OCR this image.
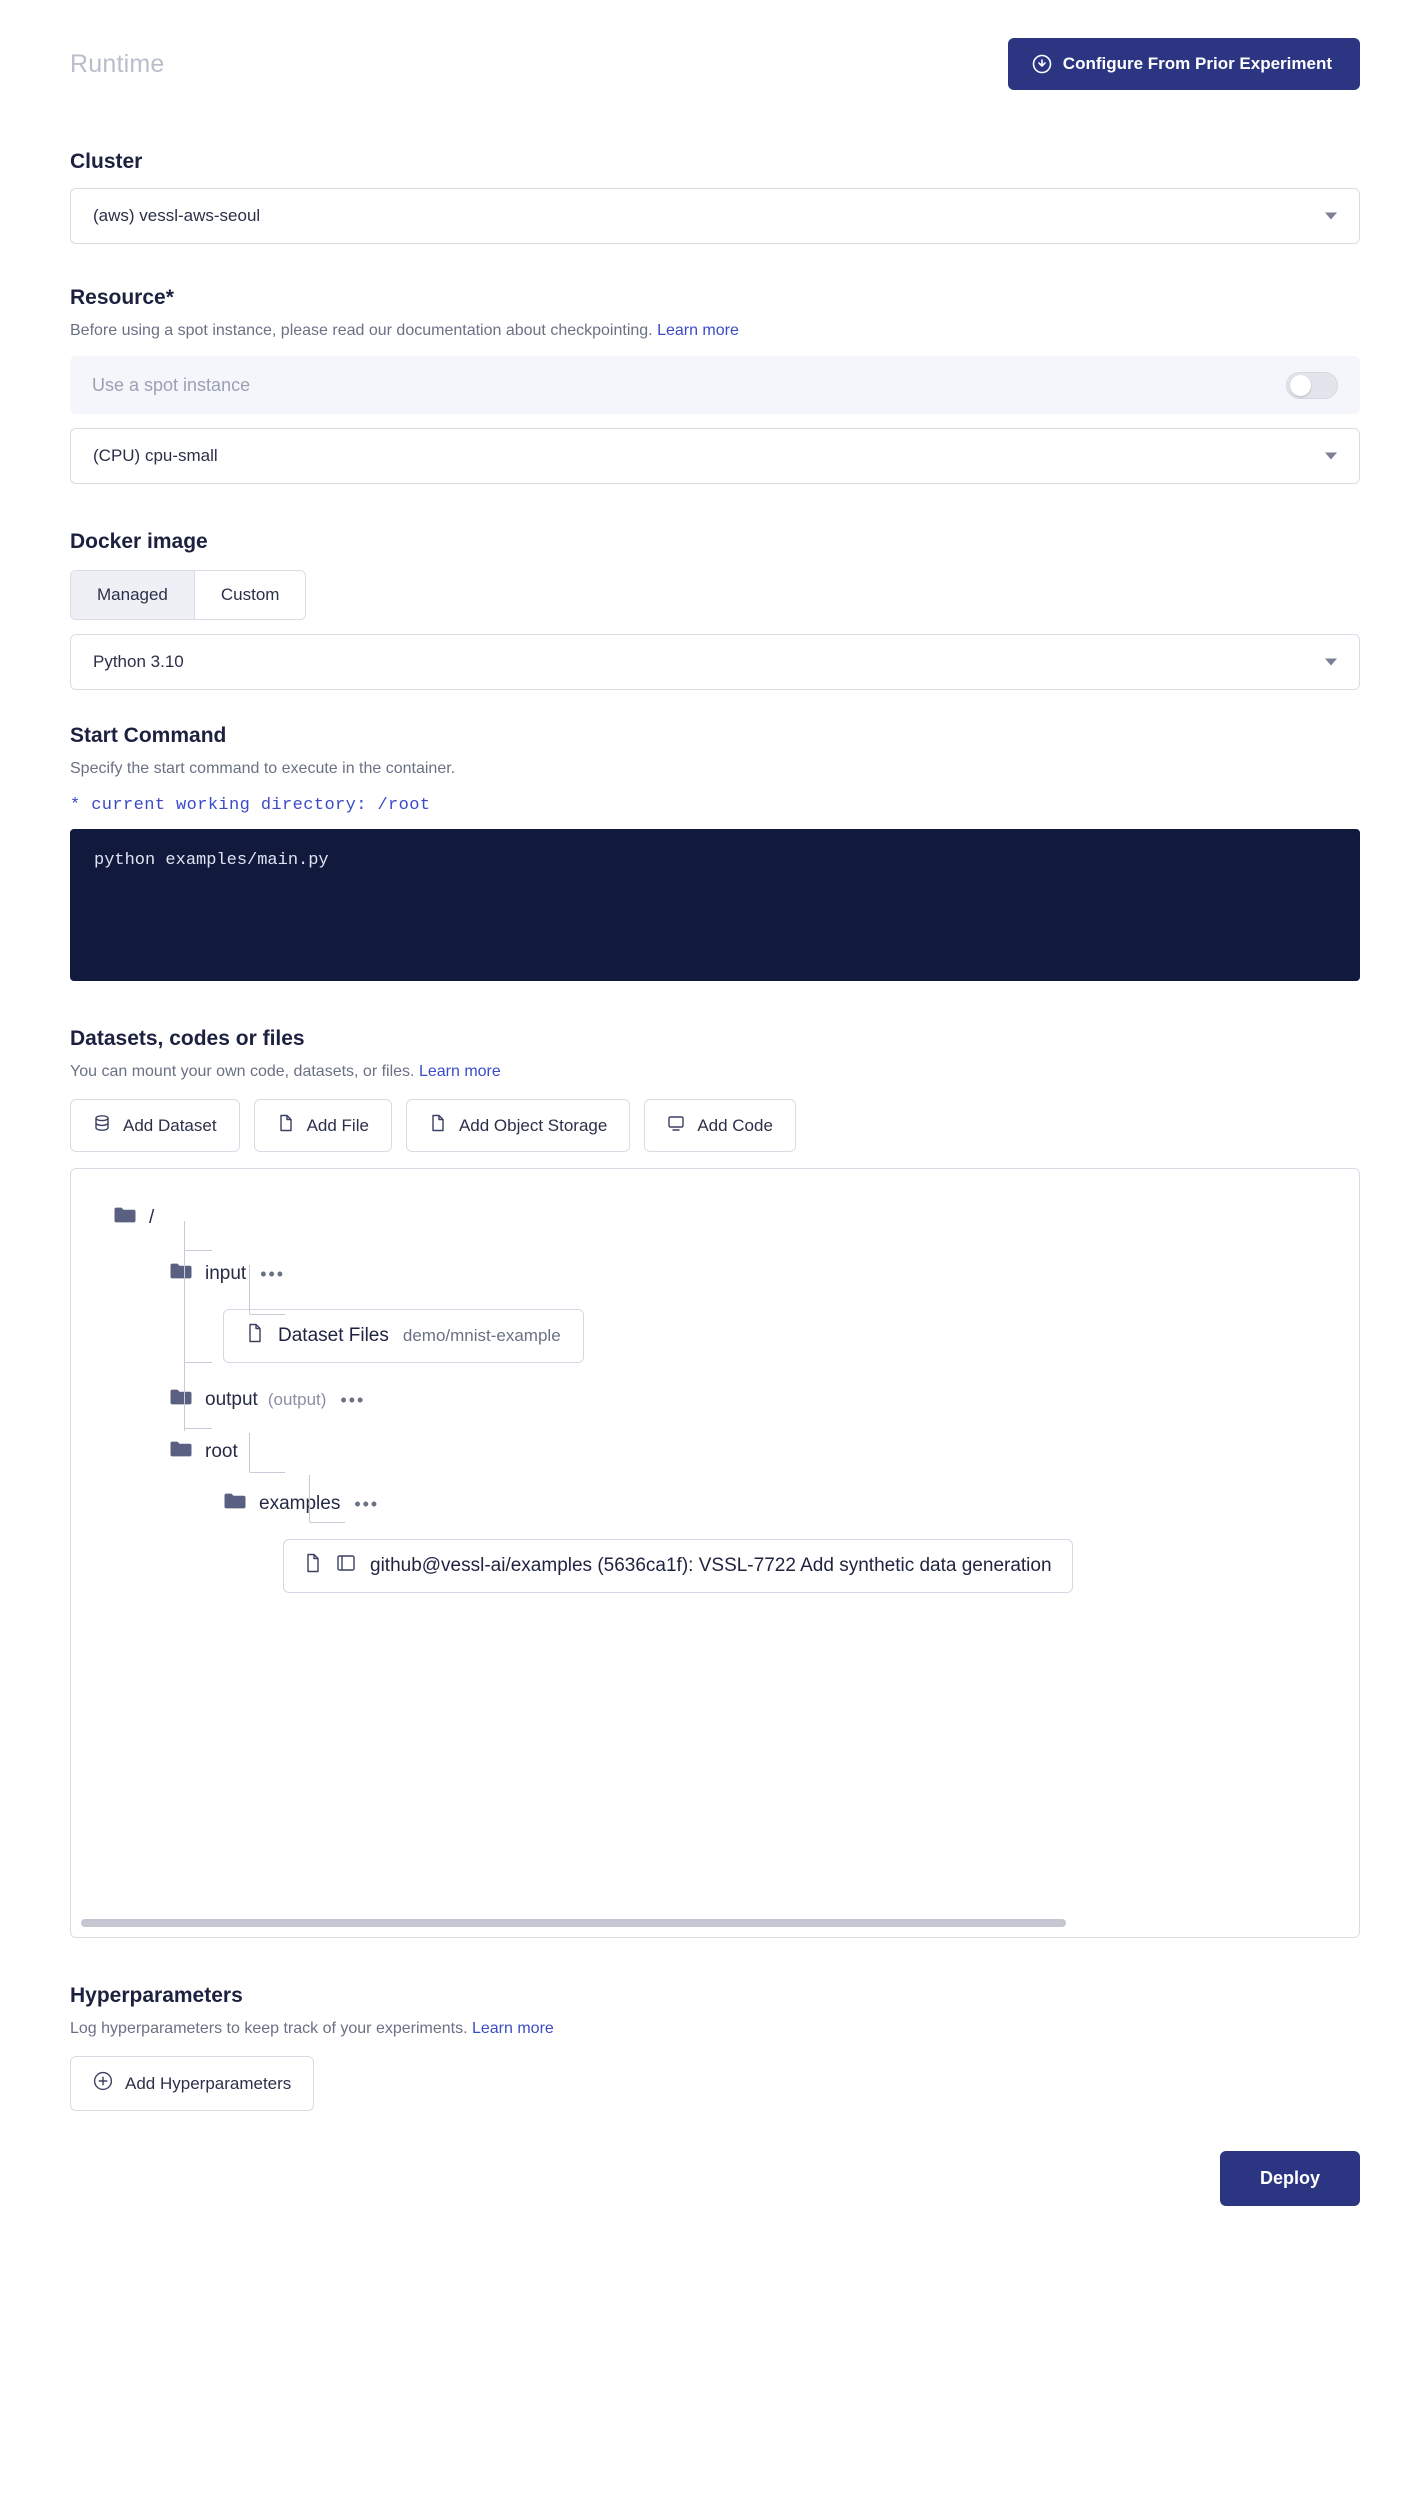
Runtime	Configure From Prior Experiment
Cluster
(aws) vessl-aws-seoul
Resource*

Before using a spot instance, please read our documentation about checkpointing. Learn more

Use a spot instance
(CPU) cpu-small
Docker image
Managed	Custom
Python 3.10
Start Command

Specify the start command to execute in the container.

* current working directory: /root
python examples/main.py
Datasets, codes or files

You can mount your own code, datasets, or files. Learn more

Add Dataset	Add File	Add Object Storage	Add Code
/
input •••
Dataset Files demo/mnist-example
output (output) •••
root
examples •••
github@vessl-ai/examples (5636ca1f): VSSL-7722 Add synthetic data generation
Hyperparameters

Log hyperparameters to keep track of your experiments. Learn more

Add Hyperparameters
Deploy
